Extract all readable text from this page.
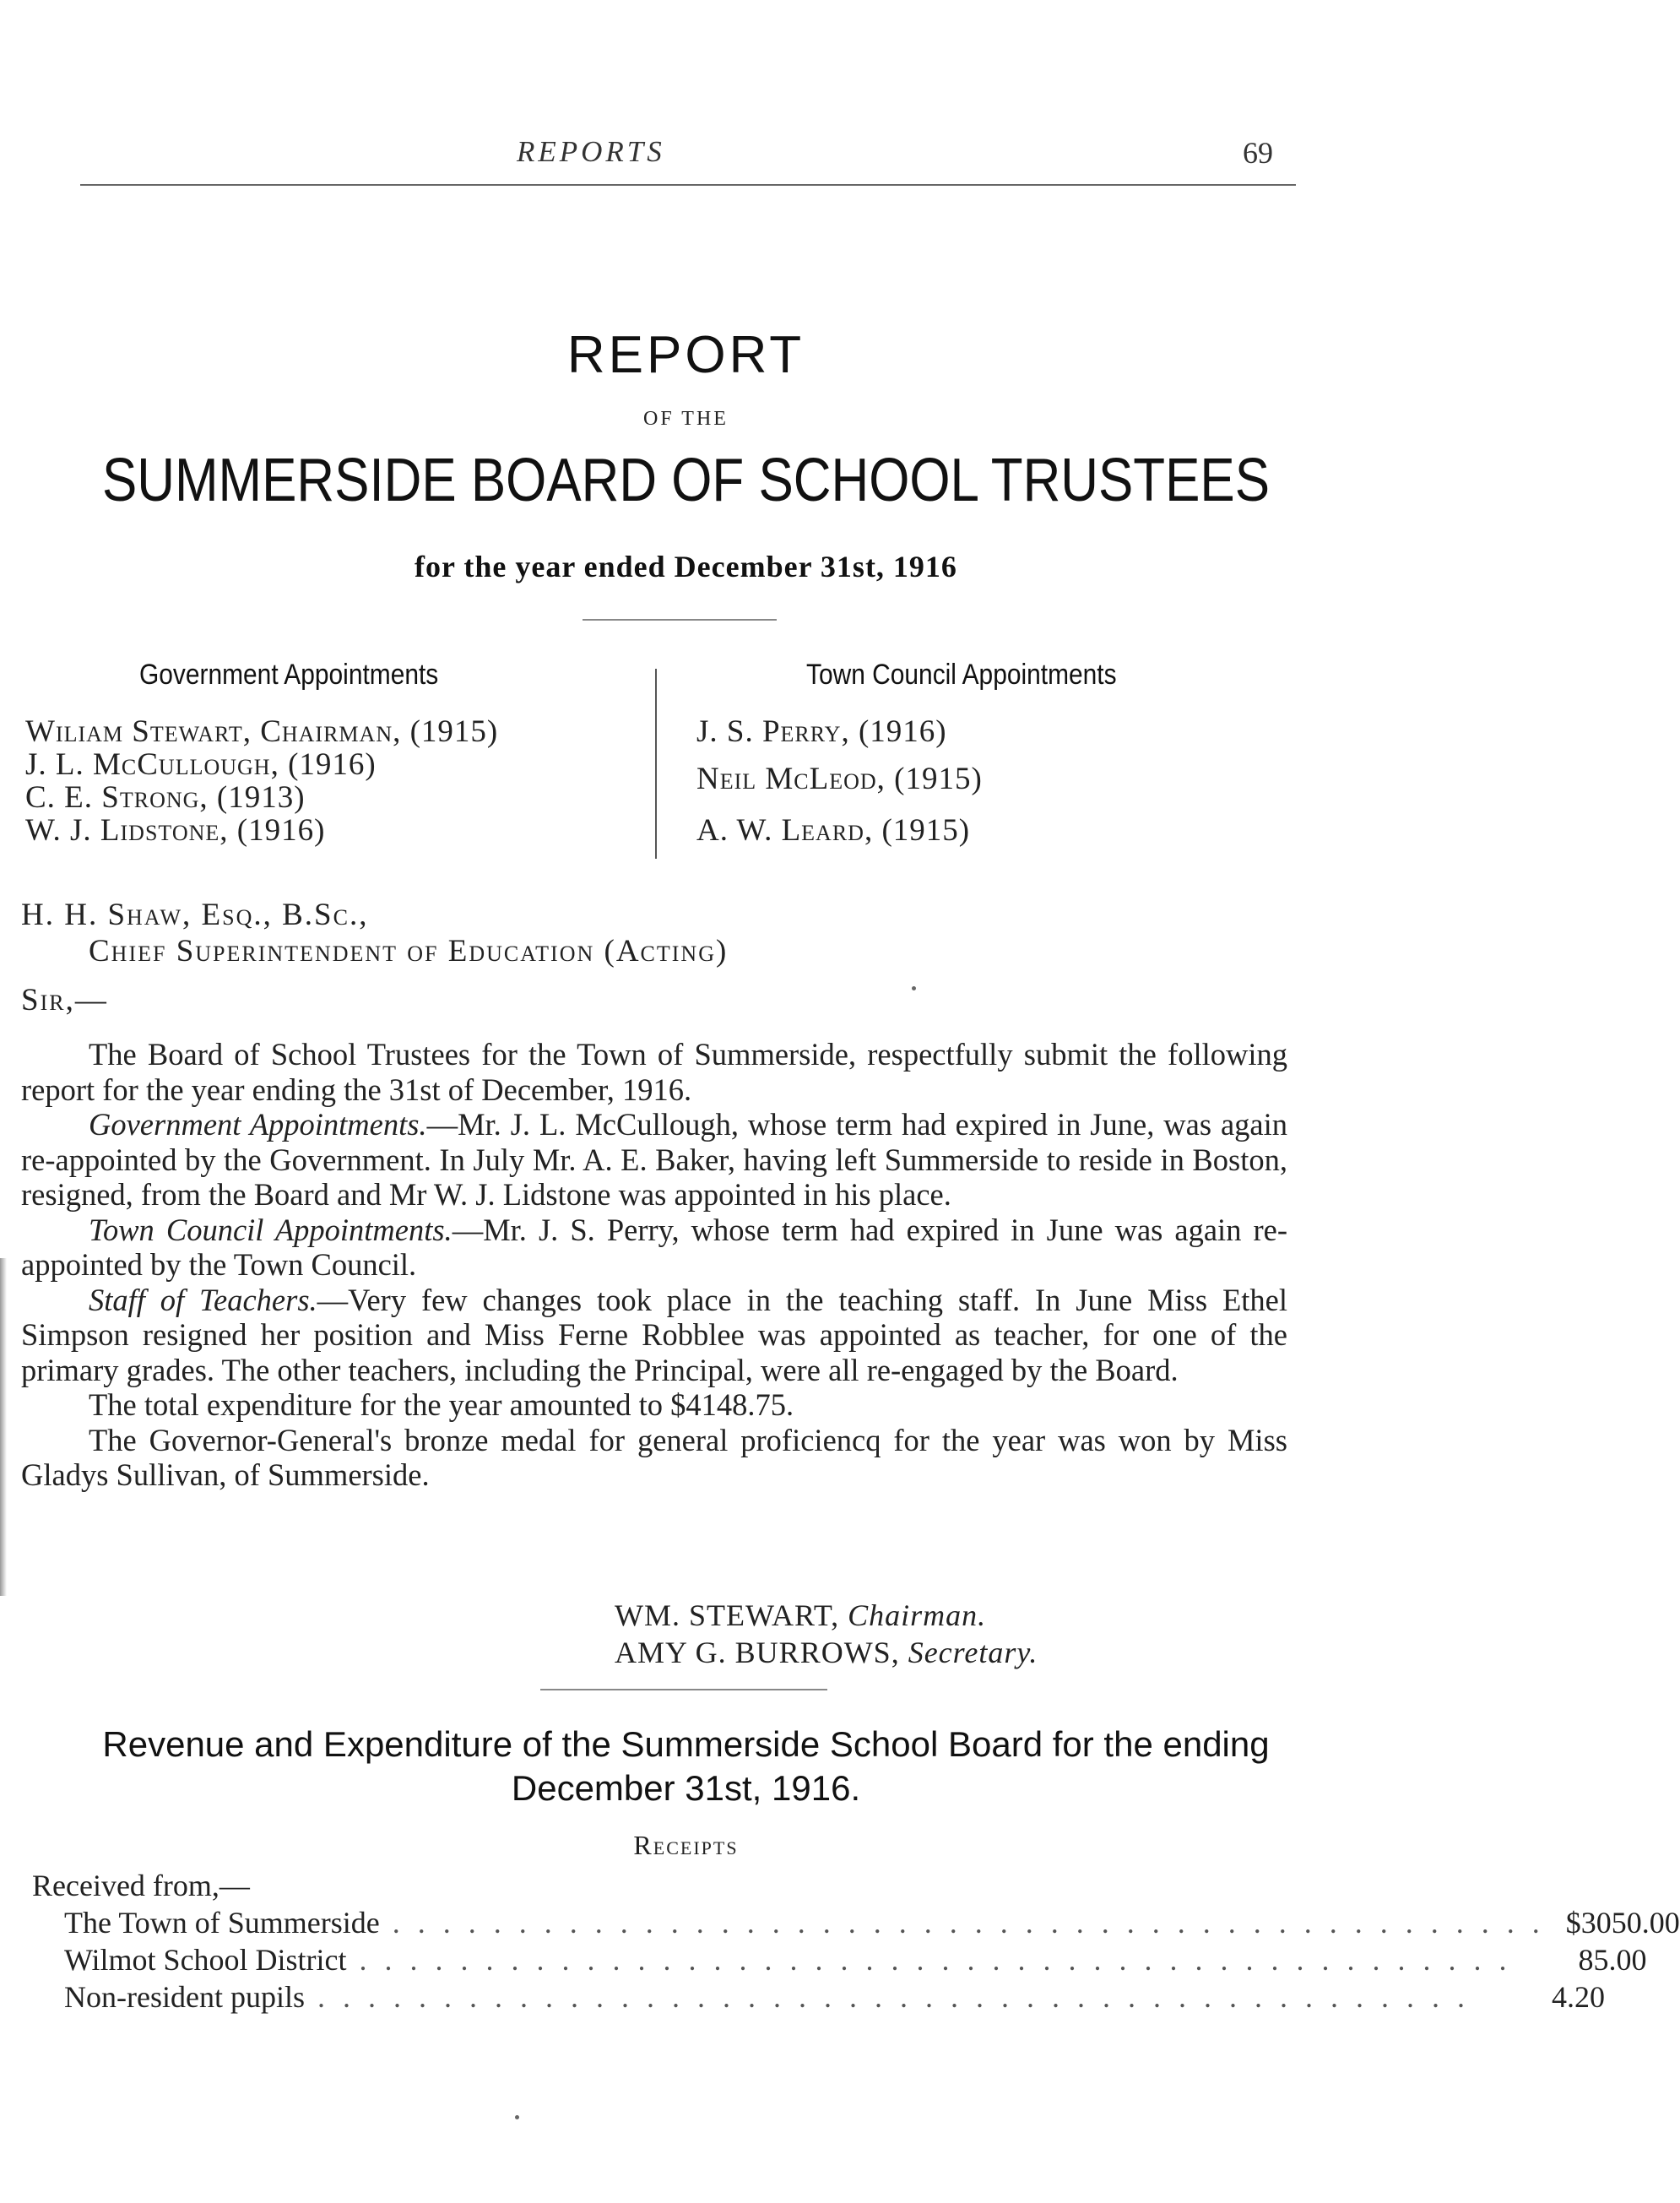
REPORTS	69
REPORT
OF THE
SUMMERSIDE BOARD OF SCHOOL TRUSTEES
for the year ended December 31st, 1916
Government Appointments	Town Council Appointments
Wiliam Stewart, Chairman, (1915)
J. L. McCullough, (1916)
C. E. Strong, (1913)
W. J. Lidstone, (1916)
J. S. Perry, (1916)
Neil McLeod, (1915)
A. W. Leard, (1915)
H. H. Shaw, Esq., B.Sc.,
Chief Superintendent of Education (Acting)
Sir,—

The Board of School Trustees for the Town of Summerside, respectfully submit the following report for the year ending the 31st of December, 1916.

Government Appointments.—Mr. J. L. McCullough, whose term had expired in June, was again re-appointed by the Government. In July Mr. A. E. Baker, having left Summerside to reside in Boston, resigned, from the Board and Mr W. J. Lidstone was appointed in his place.

Town Council Appointments.—Mr. J. S. Perry, whose term had expired in June was again re-appointed by the Town Council.

Staff of Teachers.—Very few changes took place in the teaching staff. In June Miss Ethel Simpson resigned her position and Miss Ferne Robblee was appointed as teacher, for one of the primary grades. The other teachers, including the Principal, were all re-engaged by the Board.

The total expenditure for the year amounted to $4148.75.

The Governor-General's bronze medal for general proficiencq for the year was won by Miss Gladys Sullivan, of Summerside.

WM. STEWART, Chairman.
AMY G. BURROWS, Secretary.
Revenue and Expenditure of the Summerside School Board for the ending
December 31st, 1916.
Receipts
Received from,—
The Town of Summerside . . . . . . . . . . . . . . . . . . . . . . . . . . . . . . . . . . . . . . . . . . . . . . $3050.00
Wilmot School District . . . . . . . . . . . . . . . . . . . . . . . . . . . . . . . . . . . . . . . . . . . . . .	85.00
Non-resident pupils . . . . . . . . . . . . . . . . . . . . . . . . . . . . . . . . . . . . . . . . . . . . . .	4.20
